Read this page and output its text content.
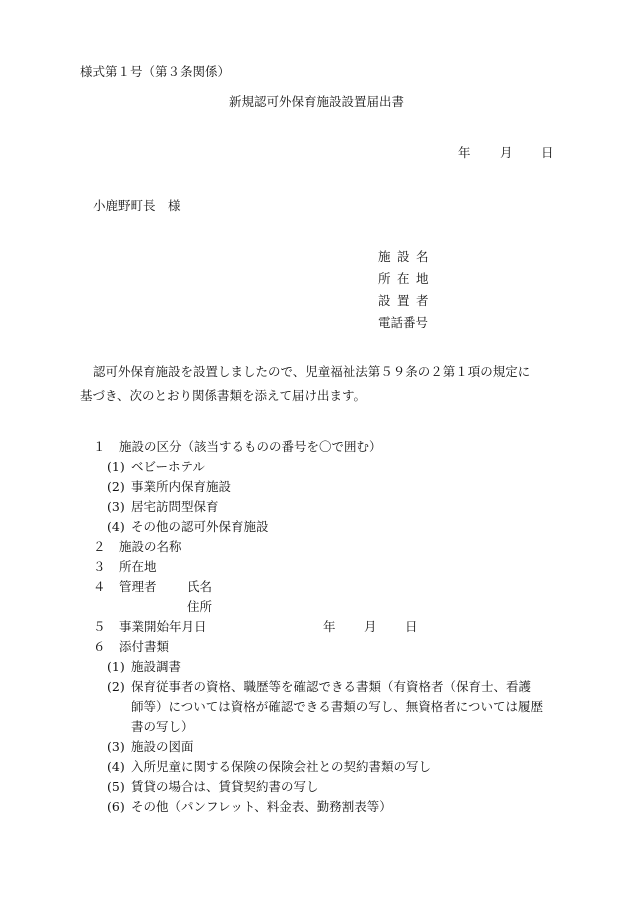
様式第１号（第３条関係）
新規認可外保育施設設置届出書
年 月 日
小鹿野町長　様
施設名
所在地
設置者
電話番号
認可外保育施設を設置しましたので、児童福祉法第５９条の２第１項の規定に
基づき、次のとおり関係書類を添えて届け出ます。
１ 施設の区分（該当するものの番号を〇で囲む）
(1) ベビーホテル
(2) 事業所内保育施設
(3) 居宅訪問型保育
(4) その他の認可外保育施設
２ 施設の名称
３ 所在地
４ 管理者 氏名
住所
５ 事業開始年月日	年 月 日
６ 添付書類
(1) 施設調書
(2) 保育従事者の資格、職歴等を確認できる書類（有資格者（保育士、看護
師等）については資格が確認できる書類の写し、無資格者については履歴
書の写し）
(3) 施設の図面
(4) 入所児童に関する保険の保険会社との契約書類の写し
(5) 賃貸の場合は、賃貸契約書の写し
(6) その他（パンフレット、料金表、勤務割表等）
